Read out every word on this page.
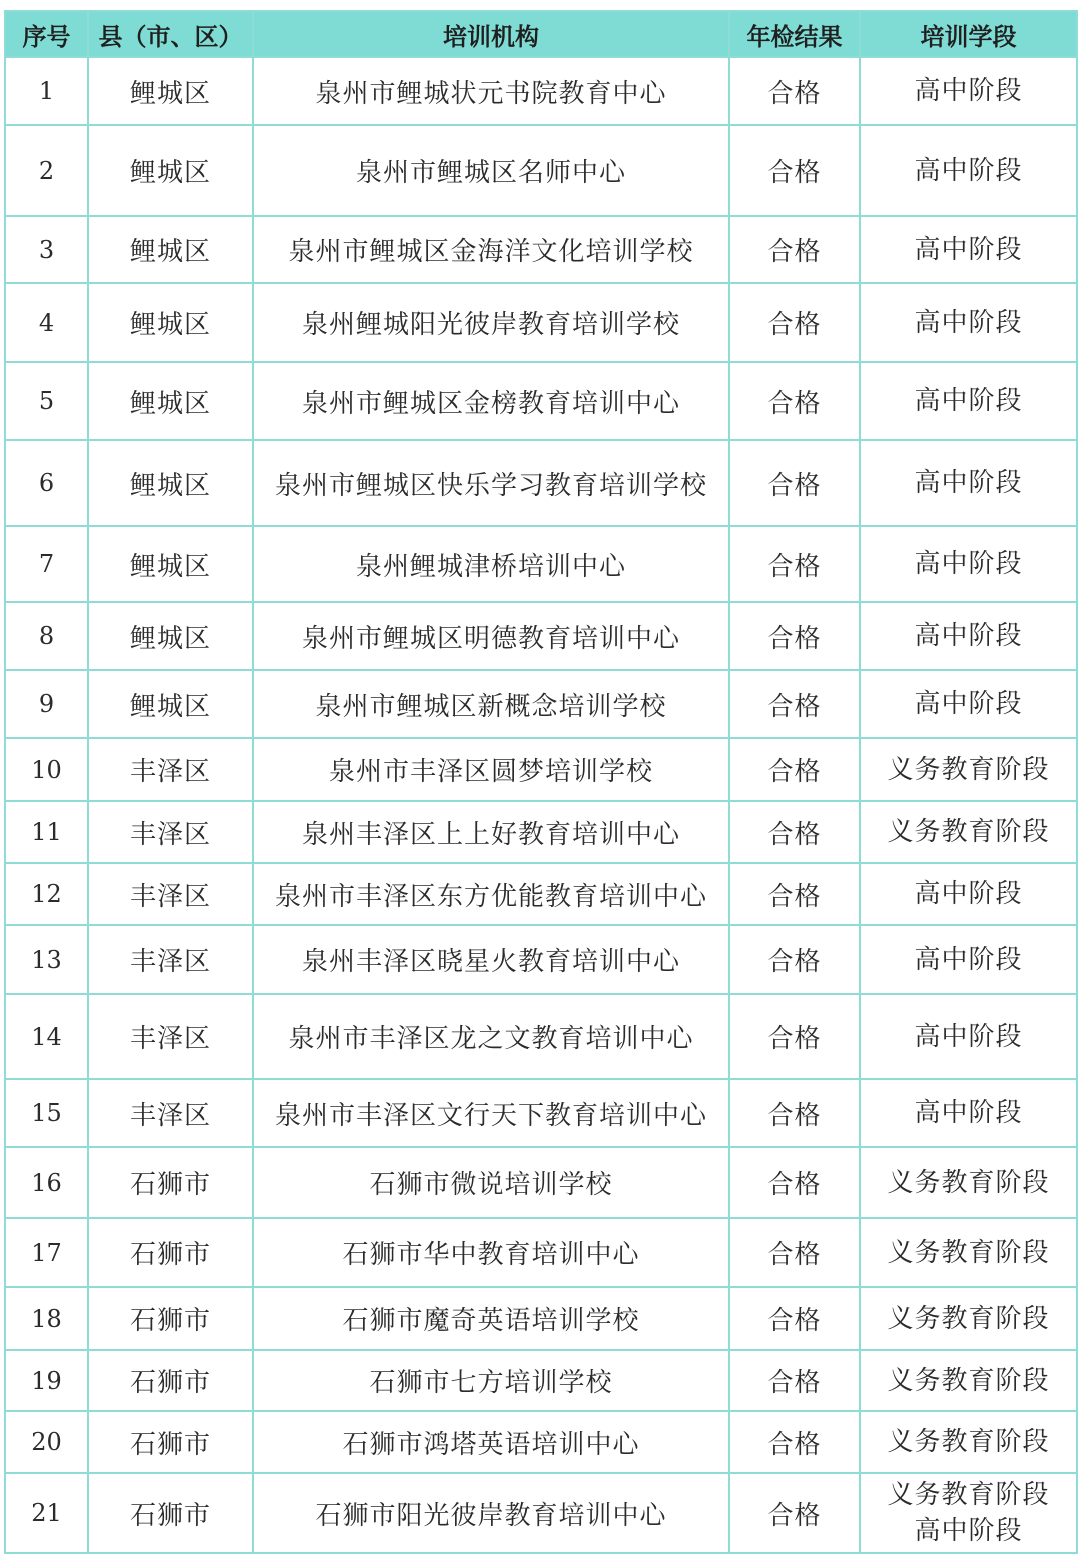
序号	县（市、区）	培训机构	年检结果	培训学段
1	鲤城区	泉州市鲤城状元书院教育中心	合格	高中阶段

2	鲤城区	泉州市鲤城区名师中心	合格	高中阶段

3	鲤城区	泉州市鲤城区金海洋文化培训学校	合格	高中阶段

4	鲤城区	泉州鲤城阳光彼岸教育培训学校	合格	高中阶段

5	鲤城区	泉州市鲤城区金榜教育培训中心	合格	高中阶段

6	鲤城区	泉州市鲤城区快乐学习教育培训学校	合格	高中阶段

7	鲤城区	泉州鲤城津桥培训中心	合格	高中阶段

8	鲤城区	泉州市鲤城区明德教育培训中心	合格	高中阶段

9	鲤城区	泉州市鲤城区新概念培训学校	合格	高中阶段

10	丰泽区	泉州市丰泽区圆梦培训学校	合格	义务教育阶段

11	丰泽区	泉州丰泽区上上好教育培训中心	合格	义务教育阶段

12	丰泽区	泉州市丰泽区东方优能教育培训中心	合格	高中阶段

13	丰泽区	泉州丰泽区晓星火教育培训中心	合格	高中阶段

14	丰泽区	泉州市丰泽区龙之文教育培训中心	合格	高中阶段

15	丰泽区	泉州市丰泽区文行天下教育培训中心	合格	高中阶段

16	石狮市	石狮市微说培训学校	合格	义务教育阶段

17	石狮市	石狮市华中教育培训中心	合格	义务教育阶段

18	石狮市	石狮市魔奇英语培训学校	合格	义务教育阶段

19	石狮市	石狮市七方培训学校	合格	义务教育阶段

20	石狮市	石狮市鸿塔英语培训中心	合格	义务教育阶段

21	石狮市	石狮市阳光彼岸教育培训中心	合格	义务教育阶段
高中阶段
